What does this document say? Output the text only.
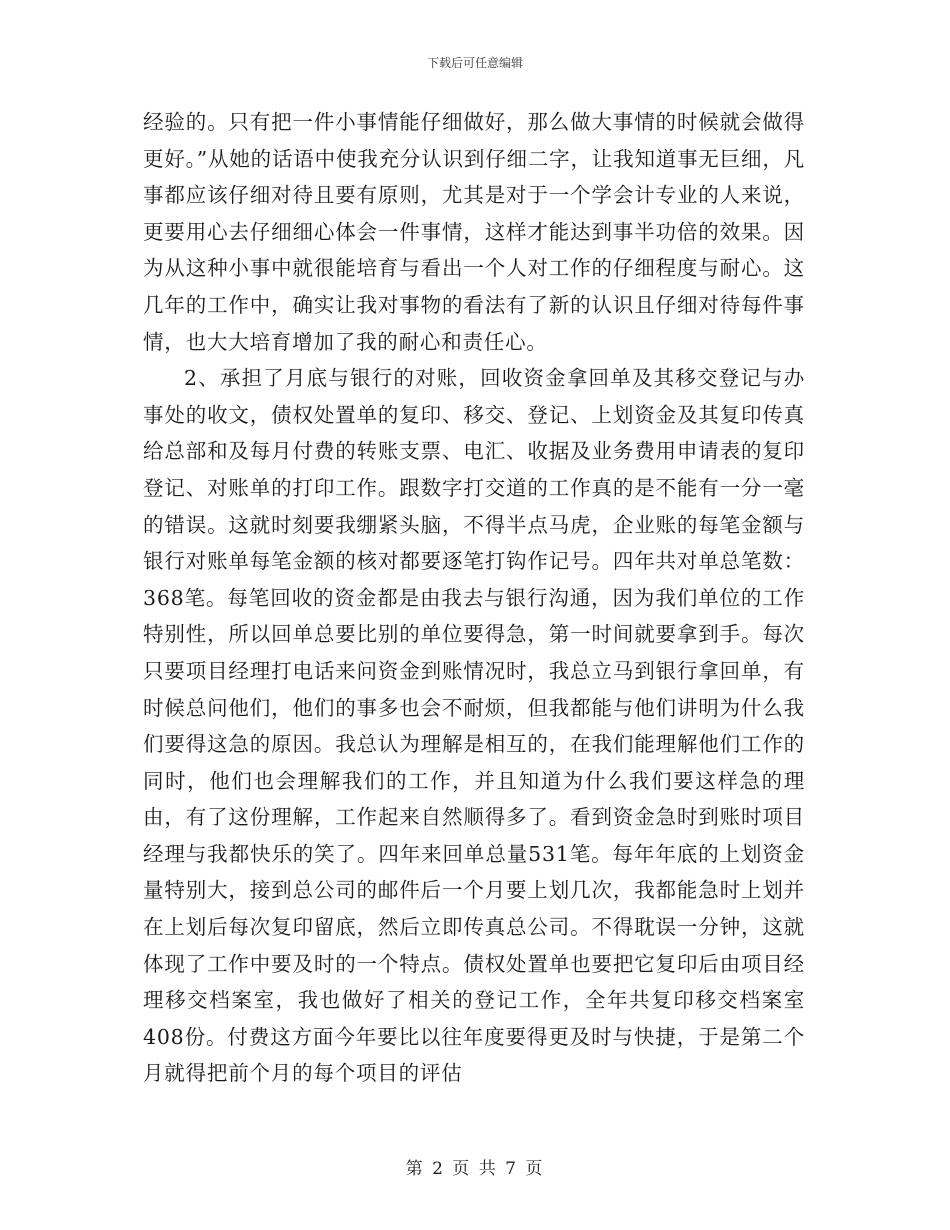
下载后可任意编辑

经验的。只有把一件小事情能仔细做好，那么做大事情的时候就会做得更好。”从她的话语中使我充分认识到仔细二字，让我知道事无巨细，凡事都应该仔细对待且要有原则，尤其是对于一个学会计专业的人来说，更要用心去仔细细心体会一件事情，这样才能达到事半功倍的效果。因为从这种小事中就很能培育与看出一个人对工作的仔细程度与耐心。这几年的工作中，确实让我对事物的看法有了新的认识且仔细对待每件事情，也大大培育增加了我的耐心和责任心。

2、承担了月底与银行的对账，回收资金拿回单及其移交登记与办事处的收文，债权处置单的复印、移交、登记、上划资金及其复印传真给总部和及每月付费的转账支票、电汇、收据及业务费用申请表的复印登记、对账单的打印工作。跟数字打交道的工作真的是不能有一分一毫的错误。这就时刻要我绷紧头脑，不得半点马虎，企业账的每笔金额与银行对账单每笔金额的核对都要逐笔打钩作记号。四年共对单总笔数：368笔。每笔回收的资金都是由我去与银行沟通，因为我们单位的工作特别性，所以回单总要比别的单位要得急，第一时间就要拿到手。每次只要项目经理打电话来问资金到账情况时，我总立马到银行拿回单，有时候总问他们，他们的事多也会不耐烦，但我都能与他们讲明为什么我们要得这急的原因。我总认为理解是相互的，在我们能理解他们工作的同时，他们也会理解我们的工作，并且知道为什么我们要这样急的理由，有了这份理解，工作起来自然顺得多了。看到资金急时到账时项目经理与我都快乐的笑了。四年来回单总量531笔。每年年底的上划资金量特别大，接到总公司的邮件后一个月要上划几次，我都能急时上划并在上划后每次复印留底，然后立即传真总公司。不得耽误一分钟，这就体现了工作中要及时的一个特点。债权处置单也要把它复印后由项目经理移交档案室，我也做好了相关的登记工作，全年共复印移交档案室408份。付费这方面今年要比以往年度要得更及时与快捷，于是第二个月就得把前个月的每个项目的评估

第 2 页 共 7 页
